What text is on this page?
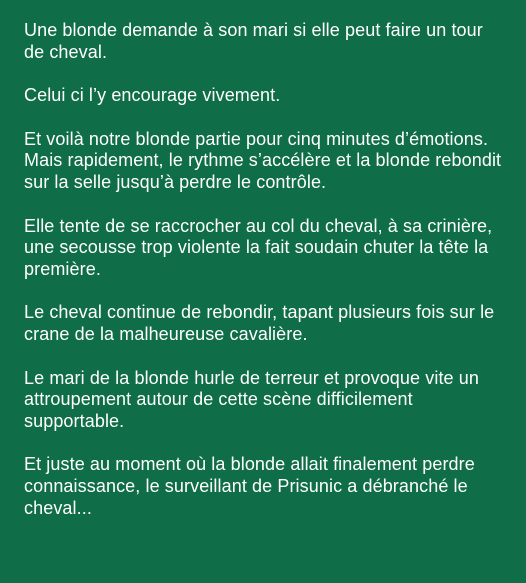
Une blonde demande à son mari si elle peut faire un tour de cheval.

Celui ci l’y encourage vivement.

Et voilà notre blonde partie pour cinq minutes d’émotions. Mais rapidement, le rythme s’accélère et la blonde rebondit sur la selle jusqu’à perdre le contrôle.

Elle tente de se raccrocher au col du cheval, à sa crinière, une secousse trop violente la fait soudain chuter la tête la première.

Le cheval continue de rebondir, tapant plusieurs fois sur le crane de la malheureuse cavalière.

Le mari de la blonde hurle de terreur et provoque vite un attroupement autour de cette scène difficilement supportable.

Et juste au moment où la blonde allait finalement perdre connaissance, le surveillant de Prisunic a débranché le cheval...
